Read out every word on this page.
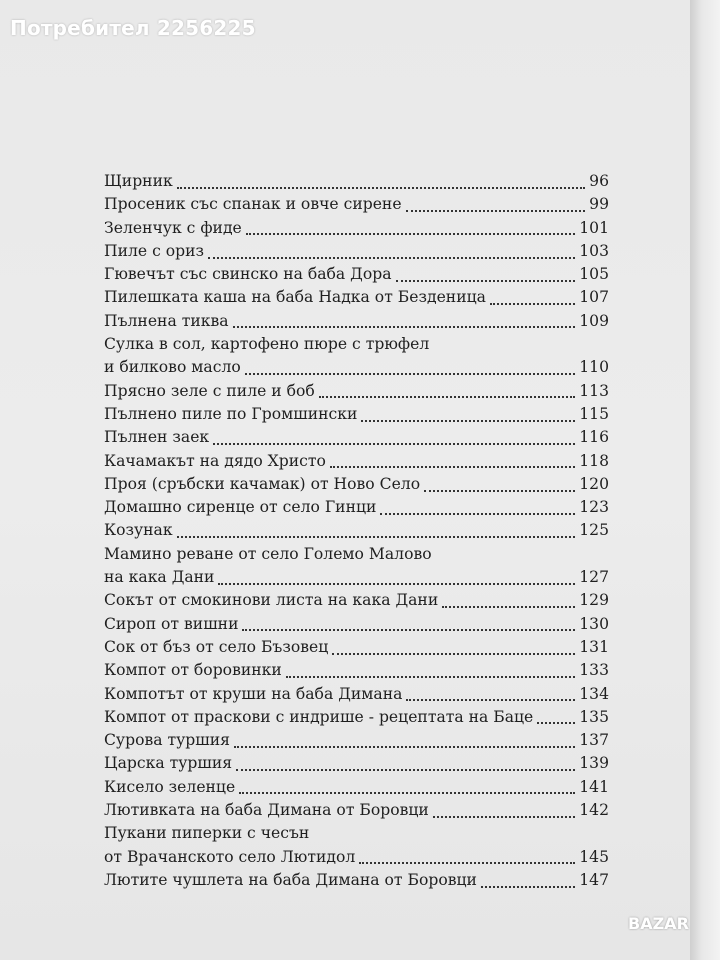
Потребител 2256225
Щирник	96
Просеник със спанак и овче сирене	99
Зеленчук с фиде	101
Пиле с ориз	103
Гювечът със свинско на баба Дора	105
Пилешката каша на баба Надка от Безденица	107
Пълнена тиква	109
Сулка в сол, картофено пюре с трюфел
и билково масло	110
Прясно зеле с пиле и боб	113
Пълнено пиле по Громшински	115
Пълнен заек	116
Качамакът на дядо Христо	118
Проя (сръбски качамак) от Ново Село	120
Домашно сиренце от село Гинци	123
Козунак	125
Мамино реване от село Големо Малово
на кака Дани	127
Сокът от смокинови листа на кака Дани	129
Сироп от вишни	130
Сок от бъз от село Бъзовец	131
Компот от боровинки	133
Компотът от круши на баба Димана	134
Компот от праскови с индрише - рецептата на Баце	135
Сурова туршия	137
Царска туршия	139
Кисело зеленце	141
Лютивката на баба Димана от Боровци	142
Пукани пиперки с чесън
от Врачанското село Лютидол	145
Лютите чушлета на баба Димана от Боровци	147
BAZAR
